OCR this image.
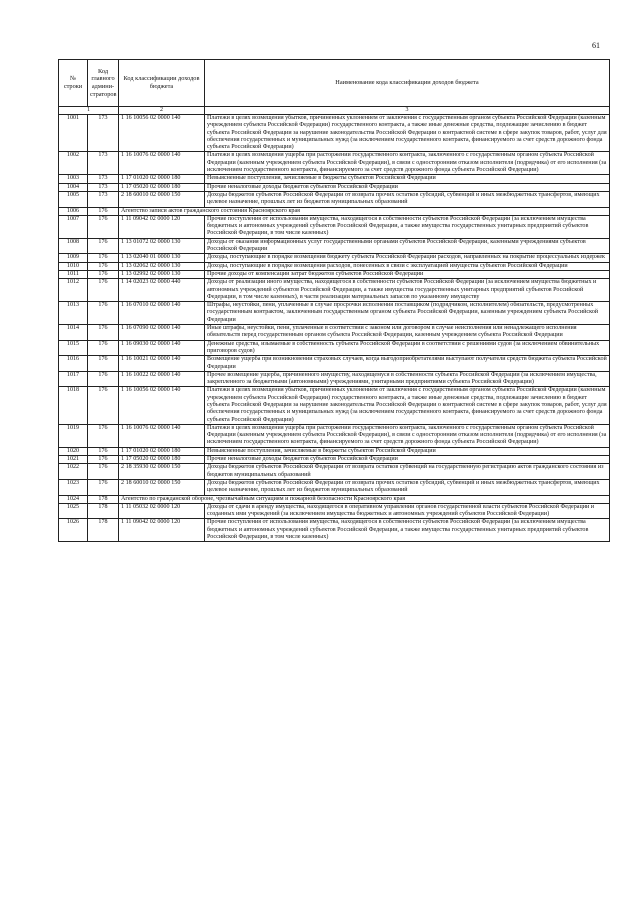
61
№ строки	Код главного админи-страторов	Код классификации доходов бюджета	Наименование кода классификации доходов бюджета
1		2	3
1001	173	1 16 10056 02 0000 140	Платежи в целях возмещения убытков, причиненных уклонением от заключения с государственным органом субъекта Российской Федерации (казенным учреждением субъекта Российской Федерации) государственного контракта, а также иные денежные средства, подлежащие зачислению в бюджет субъекта Российской Федерации за нарушение законодательства Российской Федерации о контрактной системе в сфере закупок товаров, работ, услуг для обеспечения государственных и муниципальных нужд (за исключением государственного контракта, финансируемого за счет средств дорожного фонда субъекта Российской Федерации)
1002	173	1 16 10076 02 0000 140	Платежи в целях возмещения ущерба при расторжении государственного контракта, заключенного с государственным органом субъекта Российской Федерации (казенным учреждением субъекта Российской Федерации), в связи с односторонним отказом исполнителя (подрядчика) от его исполнения (за исключением государственного контракта, финансируемого за счет средств дорожного фонда субъекта Российской Федерации)
1003	173	1 17 01020 02 0000 180	Невыясненные поступления, зачисляемые в бюджеты субъектов Российской Федерации
1004	173	1 17 05020 02 0000 180	Прочие неналоговые доходы бюджетов субъектов Российской Федерации
1005	173	2 18 60010 02 0000 150	Доходы бюджетов субъектов Российской Федерации от возврата прочих остатков субсидий, субвенций и иных межбюджетных трансфертов, имеющих целевое назначение, прошлых лет из бюджетов муниципальных образований
1006	176	Агентство записи актов гражданского состояния Красноярского края	
1007	176	1 11 09042 02 0000 120	Прочие поступления от использования имущества, находящегося в собственности субъектов Российской Федерации (за исключением имущества бюджетных и автономных учреждений субъектов Российской Федерации, а также имущества государственных унитарных предприятий субъектов Российской Федерации, в том числе казенных)
1008	176	1 13 01072 02 0000 130	Доходы от оказания информационных услуг государственными органами субъектов Российской Федерации, казенными учреждениями субъектов Российской Федерации
1009	176	1 13 02040 01 0000 130	Доходы, поступающие в порядке возмещения бюджету субъекта Российской Федерации расходов, направленных на покрытие процессуальных издержек
1010	176	1 13 02062 02 0000 130	Доходы, поступающие в порядке возмещения расходов, понесенных в связи с эксплуатацией имущества субъектов Российской Федерации
1011	176	1 13 02992 02 0000 130	Прочие доходы от компенсации затрат бюджетов субъектов Российской Федерации
1012	176	1 14 02023 02 0000 440	Доходы от реализации иного имущества, находящегося в собственности субъектов Российской Федерации (за исключением имущества бюджетных и автономных учреждений субъектов Российской Федерации, а также имущества государственных унитарных предприятий субъектов Российской Федерации, в том числе казенных), в части реализации материальных запасов по указанному имуществу
1013	176	1 16 07010 02 0000 140	Штрафы, неустойки, пени, уплаченные в случае просрочки исполнения поставщиком (подрядчиком, исполнителем) обязательств, предусмотренных государственным контрактом, заключенным государственным органом субъекта Российской Федерации, казенным учреждением субъекта Российской Федерации
1014	176	1 16 07090 02 0000 140	Иные штрафы, неустойки, пени, уплаченные в соответствии с законом или договором в случае неисполнения или ненадлежащего исполнения обязательств перед государственным органом субъекта Российской Федерации, казенным учреждением субъекта Российской Федерации
1015	176	1 16 09030 02 0000 140	Денежные средства, изымаемые в собственность субъекта Российской Федерации в соответствии с решениями судов (за исключением обвинительных приговоров судов)
1016	176	1 16 10021 02 0000 140	Возмещение ущерба при возникновении страховых случаев, когда выгодоприобретателями выступают получатели средств бюджета субъекта Российской Федерации
1017	176	1 16 10022 02 0000 140	Прочее возмещение ущерба, причиненного имуществу, находящемуся в собственности субъекта Российской Федерации (за исключением имущества, закрепленного за бюджетными (автономными) учреждениями, унитарными предприятиями субъекта Российской Федерации)
1018	176	1 16 10056 02 0000 140	Платежи в целях возмещения убытков, причиненных уклонением от заключения с государственным органом субъекта Российской Федерации (казенным учреждением субъекта Российской Федерации) государственного контракта, а также иные денежные средства, подлежащие зачислению в бюджет субъекта Российской Федерации за нарушение законодательства Российской Федерации о контрактной системе в сфере закупок товаров, работ, услуг для обеспечения государственных и муниципальных нужд (за исключением государственного контракта, финансируемого за счет средств дорожного фонда субъекта Российской Федерации)
1019	176	1 16 10076 02 0000 140	Платежи в целях возмещения ущерба при расторжении государственного контракта, заключенного с государственным органом субъекта Российской Федерации (казенным учреждением субъекта Российской Федерации), в связи с односторонним отказом исполнителя (подрядчика) от его исполнения (за исключением государственного контракта, финансируемого за счет средств дорожного фонда субъекта Российской Федерации)
1020	176	1 17 01020 02 0000 180	Невыясненные поступления, зачисляемые в бюджеты субъектов Российской Федерации
1021	176	1 17 05020 02 0000 180	Прочие неналоговые доходы бюджетов субъектов Российской Федерации
1022	176	2 18 35930 02 0000 150	Доходы бюджетов субъектов Российской Федерации от возврата остатков субвенций на государственную регистрацию актов гражданского состояния из бюджетов муниципальных образований
1023	176	2 18 60010 02 0000 150	Доходы бюджетов субъектов Российской Федерации от возврата прочих остатков субсидий, субвенций и иных межбюджетных трансфертов, имеющих целевое назначение, прошлых лет из бюджетов муниципальных образований
1024	178	Агентство по гражданской обороне, чрезвычайным ситуациям и пожарной безопасности Красноярского края	
1025	178	1 11 05032 02 0000 120	Доходы от сдачи в аренду имущества, находящегося в оперативном управлении органов государственной власти субъектов Российской Федерации и созданных ими учреждений (за исключением имущества бюджетных и автономных учреждений субъектов Российской Федерации)
1026	178	1 11 09042 02 0000 120	Прочие поступления от использования имущества, находящегося в собственности субъектов Российской Федерации (за исключением имущества бюджетных и автономных учреждений субъектов Российской Федерации, а также имущества государственных унитарных предприятий субъектов Российской Федерации, в том числе казенных)
